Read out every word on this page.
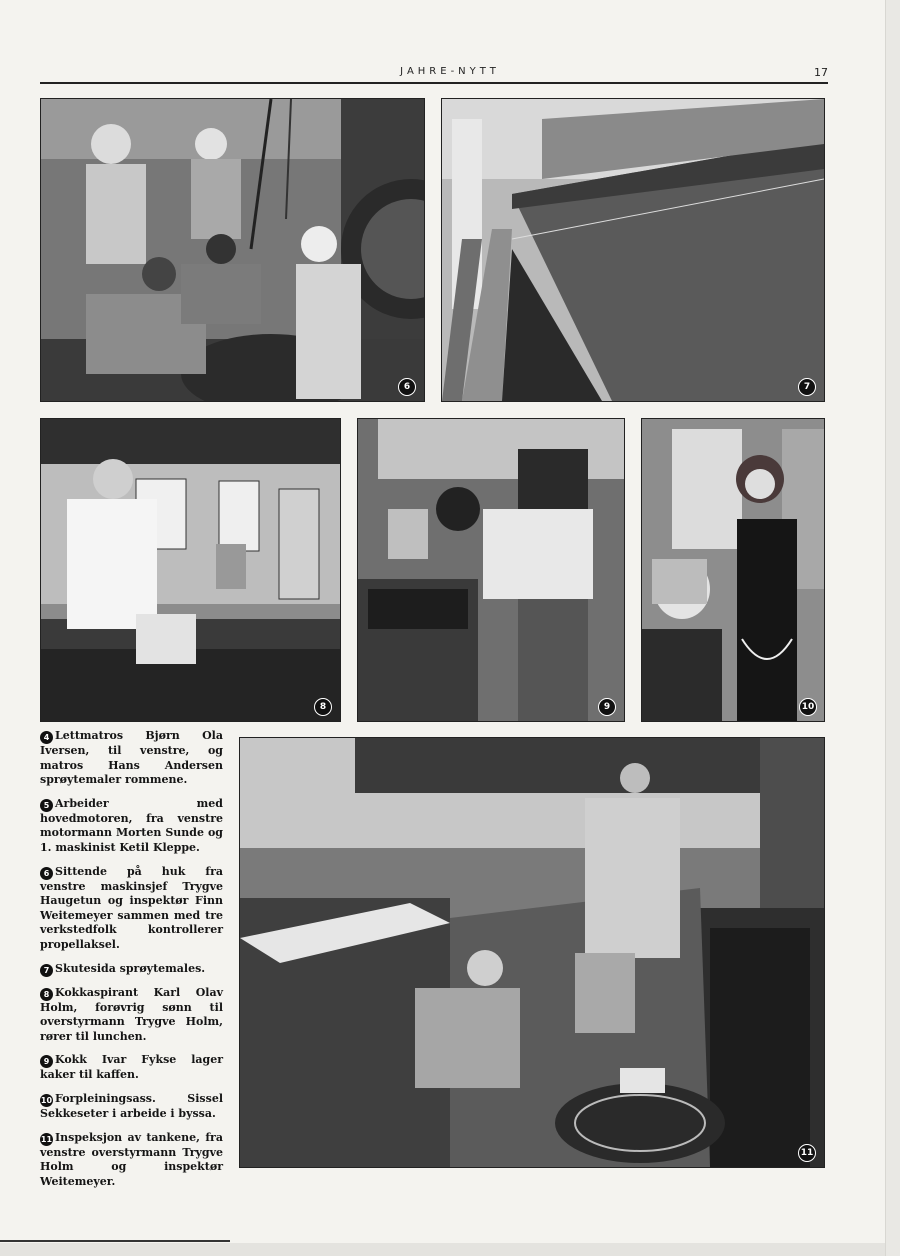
JAHRE-NYTT	17
6	7
8	9	10
11

4 Lettmatros Bjørn Ola Iversen, til venstre, og matros Hans Andersen sprøytemaler rommene.

5 Arbeider med hovedmotoren, fra venstre motormann Morten Sunde og 1. maskinist Ketil Kleppe.

6 Sittende på huk fra venstre maskinsjef Trygve Haugetun og inspektør Finn Weitemeyer sammen med tre verkstedfolk kontrollerer propellaksel.

7 Skutesida sprøytemales.

8 Kokkaspirant Karl Olav Holm, forøvrig sønn til overstyrmann Trygve Holm, rører til lunchen.

9 Kokk Ivar Fykse lager kaker til kaffen.

10 Forpleiningsass. Sissel Sekkeseter i arbeide i byssa.

11 Inspeksjon av tankene, fra venstre overstyrmann Trygve Holm og inspektør Weitemeyer.
